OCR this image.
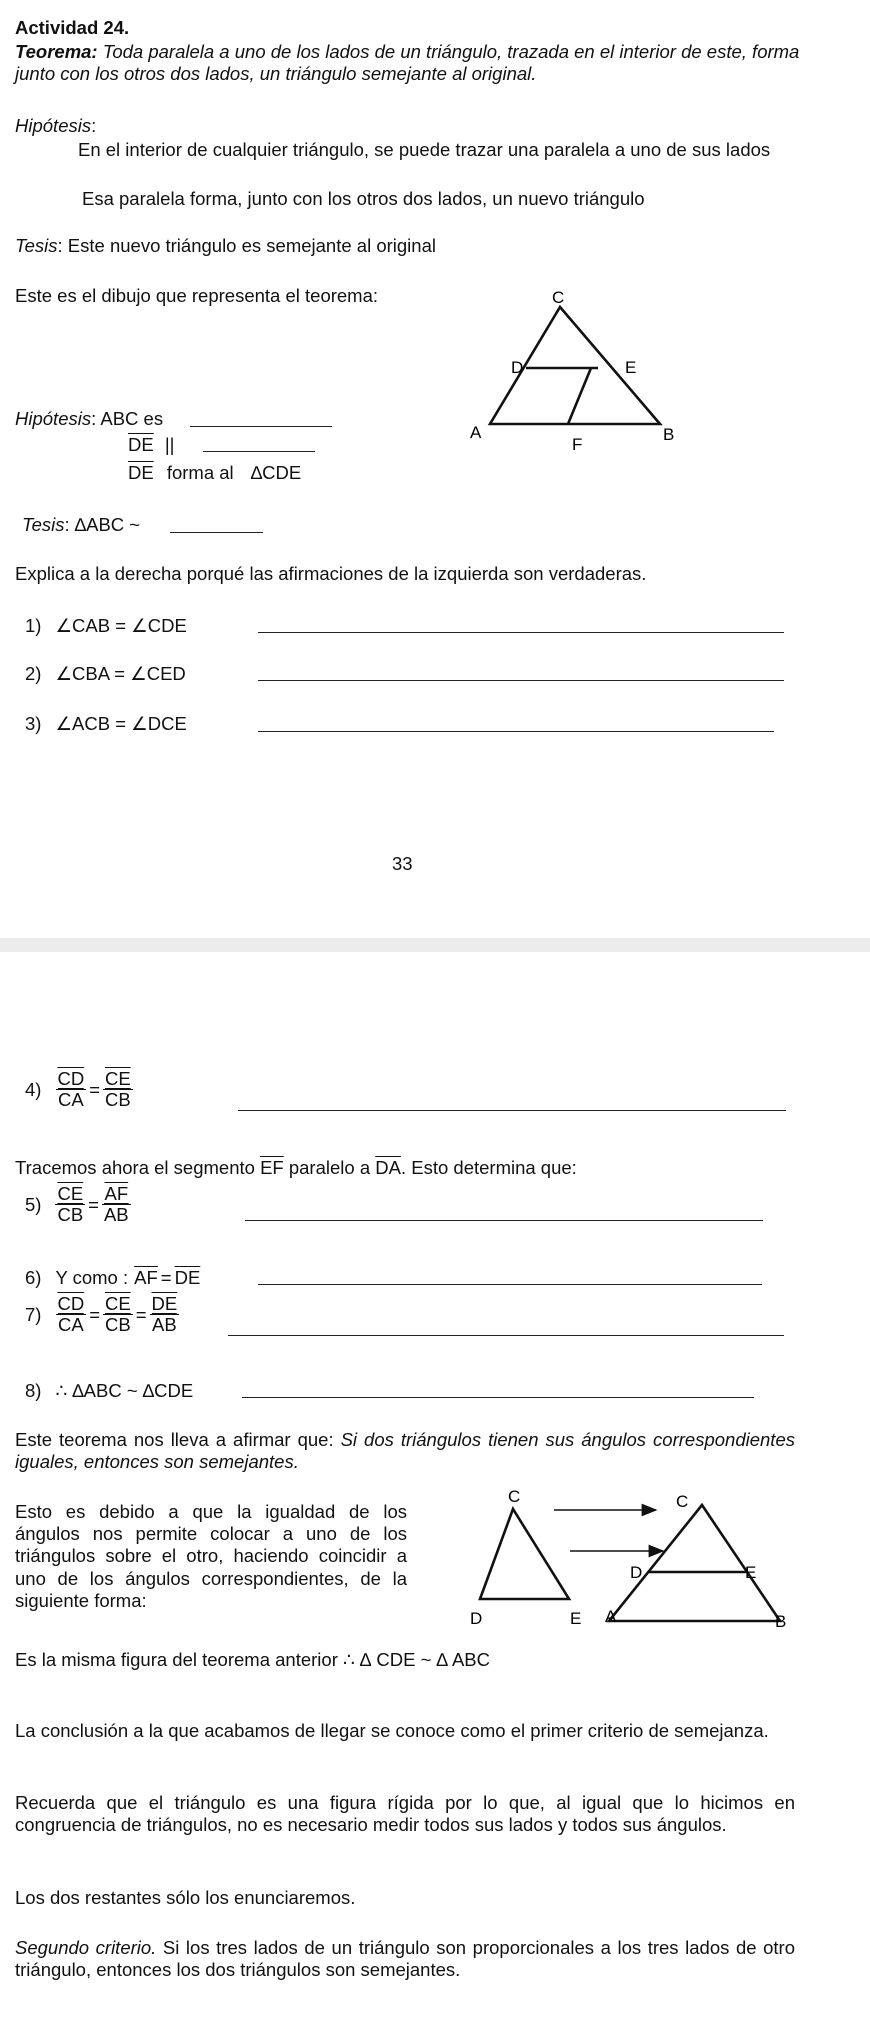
Actividad 24.
Teorema: Toda paralela a uno de los lados de un triángulo, trazada en el interior de este, forma junto con los otros dos lados, un triángulo semejante al original.
Hipótesis:
En el interior de cualquier triángulo, se puede trazar una paralela a uno de sus lados
Esa paralela forma, junto con los otros dos lados, un nuevo triángulo
Tesis: Este nuevo triángulo es semejante al original
Este es el dibujo que representa el teorema:	C
D	E
A
F
B
Hipótesis: ABC es
$\overline{DE}$ ||
$\overline{DE}$ forma al ∆CDE
Tesis: ∆ABC ~
Explica a la derecha porqué las afirmaciones de la izquierda son verdaderas.
1) ∠CAB = ∠CDE
2) ∠CBA = ∠CED
3) ∠ACB = ∠DCE
33
$4) \frac{\overline{CD}}{CA} = \frac{\overline{CE}}{CB}$
Tracemos ahora el segmento $\overline{EF}$ paralelo a $\overline{DA}$. Esto determina que:
$5) \frac{\overline{CE}}{CB} = \frac{\overline{AF}}{AB}$
6) Y como : $\overline{AF} = \overline{DE}$
$7) \frac{\overline{CD}}{CA} = \frac{\overline{CE}}{CB} = \frac{\overline{DE}}{AB}$
8) ∴ ∆ABC ~ ∆CDE
Este teorema nos lleva a afirmar que: Si dos triángulos tienen sus ángulos correspondientes iguales, entonces son semejantes.
Esto es debido a que la igualdad de los ángulos nos permite colocar a uno de los triángulos sobre el otro, haciendo coincidir a uno de los ángulos correspondientes, de la siguiente forma:
C
D	E
C
D	E
A	B
Es la misma figura del teorema anterior ∴ ∆ CDE ~ ∆ ABC
La conclusión a la que acabamos de llegar se conoce como el primer criterio de semejanza.
Recuerda que el triángulo es una figura rígida por lo que, al igual que lo hicimos en congruencia de triángulos, no es necesario medir todos sus lados y todos sus ángulos.
Los dos restantes sólo los enunciaremos.
Segundo criterio. Si los tres lados de un triángulo son proporcionales a los tres lados de otro triángulo, entonces los dos triángulos son semejantes.
